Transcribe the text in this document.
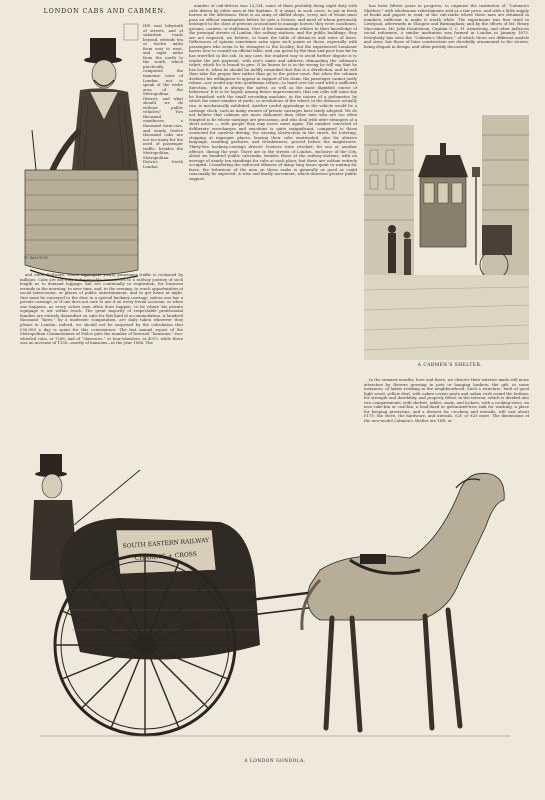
LONDON CABS AND CABMEN.
W. RALSTON

HIS vast labyrinth of streets, and of suburban roads beyond, extends ten or twelve miles from east to west, and eight miles from the north to the south, which practically comprises the immense town of London, not to speak of the wider area of the Metropolitan District, and what should we do without public vehicles? Two thousand omnibuses, a thousand tram-cars, and nearly twelve thousand cabs are not too many for the need of passenger traffic, besides the Metropolitan, Metropolitan District, North London,

and other Railways, whose aggregate yearly passenger traffic is reckoned by millions. Cabs are not only indispensable accessories to a railway journey of such length as to demand luggage, but are continually in requisition, for business errands in the morning, to save time, and, in the evening, to reach opportunities of social intercourse, or places of public entertainment, and to get home at night. One must be conveyed to the door in a special hackney carriage, unless one has a private carriage, or if one does not care to use it on every trivial occasion, or when one happens, as every active man often does happen, to be where his private equipage is not within reach. The great majority of respectable professional families are entirely dependent on cabs for this kind of accommodation. A hundred thousand “fares,” by a moderate computation, are daily taken wherever they please in London; indeed, we should not be surprised by the calculation that £50,000 a day is spent for this convenience. The last annual report of the Metropolitan Commissioner of Police puts the number of licensed “hansoms,” two-wheeled cabs, at 7208, and of “clarences,” or four-wheelers, at 4013, while there was an increase of 1150—mostly of hansoms—in the year 1888. The

number of cab-drivers was 13,534, some of them probably doing night duty with cabs driven by other men in the daytime. It is usual, in such cases, to put in fresh horses in the afternoon. Here is an army of skilled shops, every one of whom must pass an official examination before he gets a license, and most of whom previously belonged to the class of persons accustomed to manage horses: they were coachmen, grooms, carmen, or stablemen. Part of the examination relates to their knowledge of the principal streets of London, the railway stations, and the public buildings; they are not required, we believe, to learn the table of distances and rates of fares. Differences of opinion sometimes arise upon such points as these, especially with passengers who seem to be strangers to the locality; but the experienced Londoner knows how to consult an official table, and can guess by the time and pace how far he has travelled in the cab. In any case, the readiest way to avoid further dispute is to tender the just payment, with one's name and address, demanding the cabman's ticket, which he is bound to give. If he knows he is in the wrong he will say that he has lost it, when he should be mildly reminded that this is a dereliction, and he will then take the proper fare rather than go to the police-court. But when the cabman declares his willingness to appear in support of his claim, the passenger cannot justly refuse—nor would any true gentleman refuse—to hand over his card with a sufficient direction, which is always the safest, as well as the most dignified course of behaviour. It is to be hoped, among future improvements, that our cabs will some day be furnished with the small recording machine, in the nature of a pedometer, by which the exact number of yards, or revolutions of the wheel, in the distance actually run, is mechanically exhibited. Another useful appendage to the vehicle would be a carriage clock, such as many owners of private carriages have lately adopted. We do not believe that cabmen are more dishonest than other men who are too often tempted to be whose earnings are precarious, and who deal with utter strangers at a short notice — with people they may never meet again. The number convicted of deliberate overcharges and exactions is quite insignificant, compared to those convicted for careless driving, for causing obstruction in the street, for loitering, stopping at improper places, leaving their cabs unattended, also for abusive language, insulting gestures, and drunkenness, proved before the magistrates. Thirty-five hackney-carriage drivers' licenses were revoked, for one or another offence, during the year. There are in the streets of London, exclusive of the City, about six hundred public cab-ranks, besides those at the railway-stations, with an average of nearly ten standings for cabs at each place, but these are seldom entirely occupied. Considering the enforced idleness of many long hours spent in waiting for fares, the behaviour of the men on these ranks is generally as good as could reasonably be expected. A wise and kindly movement, which deserves greater public support,

has been fifteen years in progress, to organise the institution of “Cabmen's Shelters,” with wholesome refreshments sold at a fair price, and with a little supply of books and papers to read, at the cab-ranks where these men are detained in numbers sufficient to make it worth while. The experiment was first tried in Liverpool, afterwards in Glasgow and Birmingham; and by the efforts of Mr. Henry Maccaness, Mr. John Dennistoun, Captain G. C. H. Armstrong, and other judicious social reformers, a similar institution was formed in London in January 1875. Everybody has seen the “Cabmen's Shelters,” of which there are different models and sizes; but those of later construction are decidedly ornamental to the streets, being elegant in design, and often prettily decorated.

A CABMEN'S SHELTER.

In the summer months, here and there, we observe their exterior made still more attractive by flowers growing in pots or hanging baskets, the gift, in some instances, of ladies residing in the neighbourhood. Such a structure, built of good light wood, yellow deal, with oaken corner-posts and oaken curb round the bottom, for strength and durability, and properly fitted, in the interior, which is divided into two compartments, with shelves, tables, seats, and lockers, with a cooking-stove, an iron coke-bin or coal-bin, a lead-lined or galvanised-iron sink for washing, a place for keeping provisions, and a dresser for crockery and utensils, will cost about £175; the stove, the hardware, and utensils, £20 or £25 more. The dimensions of the new-model Cabmen's Shelter are 18ft. or

SOUTH EASTERN RAILWAY
CHARING + CROSS
A LONDON GONDOLA.
